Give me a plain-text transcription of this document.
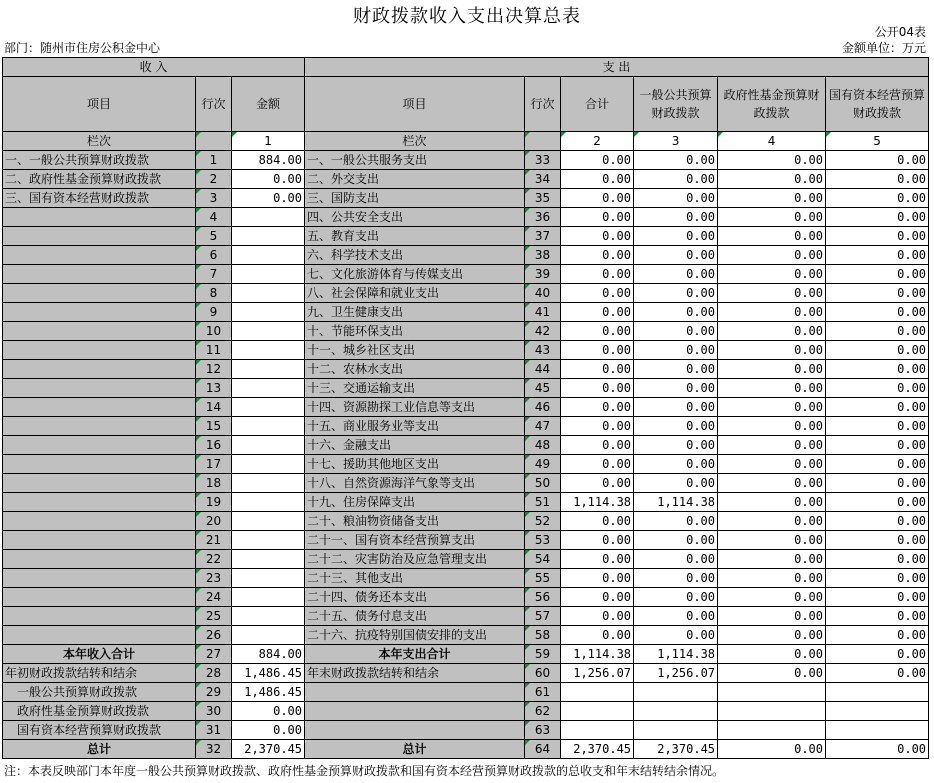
财政拨款收入支出决算总表
公开04表
部门：随州市住房公积金中心	金额单位：万元
收 入			支 出					
项目	行次	金额	项目	行次	合计	一般公共预算财政拨款	政府性基金预算财政拨款	国有资本经营预算财政拨款
栏次		1	栏次		2	3	4	5
一、一般公共预算财政拨款	1	884.00	一、一般公共服务支出	33	0.00	0.00	0.00	0.00
二、政府性基金预算财政拨款	2	0.00	二、外交支出	34	0.00	0.00	0.00	0.00
三、国有资本经营财政拨款	3	0.00	三、国防支出	35	0.00	0.00	0.00	0.00
	4		四、公共安全支出	36	0.00	0.00	0.00	0.00
	5		五、教育支出	37	0.00	0.00	0.00	0.00
	6		六、科学技术支出	38	0.00	0.00	0.00	0.00
	7		七、文化旅游体育与传媒支出	39	0.00	0.00	0.00	0.00
	8		八、社会保障和就业支出	40	0.00	0.00	0.00	0.00
	9		九、卫生健康支出	41	0.00	0.00	0.00	0.00
	10		十、节能环保支出	42	0.00	0.00	0.00	0.00
	11		十一、城乡社区支出	43	0.00	0.00	0.00	0.00
	12		十二、农林水支出	44	0.00	0.00	0.00	0.00
	13		十三、交通运输支出	45	0.00	0.00	0.00	0.00
	14		十四、资源勘探工业信息等支出	46	0.00	0.00	0.00	0.00
	15		十五、商业服务业等支出	47	0.00	0.00	0.00	0.00
	16		十六、金融支出	48	0.00	0.00	0.00	0.00
	17		十七、援助其他地区支出	49	0.00	0.00	0.00	0.00
	18		十八、自然资源海洋气象等支出	50	0.00	0.00	0.00	0.00
	19		十九、住房保障支出	51	1,114.38	1,114.38	0.00	0.00
	20		二十、粮油物资储备支出	52	0.00	0.00	0.00	0.00
	21		二十一、国有资本经营预算支出	53	0.00	0.00	0.00	0.00
	22		二十二、灾害防治及应急管理支出	54	0.00	0.00	0.00	0.00
	23		二十三、其他支出	55	0.00	0.00	0.00	0.00
	24		二十四、债务还本支出	56	0.00	0.00	0.00	0.00
	25		二十五、债务付息支出	57	0.00	0.00	0.00	0.00
	26		二十六、抗疫特别国债安排的支出	58	0.00	0.00	0.00	0.00
本年收入合计	27	884.00	本年支出合计	59	1,114.38	1,114.38	0.00	0.00
年初财政拨款结转和结余	28	1,486.45	年末财政拨款结转和结余	60	1,256.07	1,256.07	0.00	0.00
一般公共预算财政拨款	29	1,486.45		61				
政府性基金预算财政拨款	30	0.00		62				
国有资本经营预算财政拨款	31	0.00		63				
总计	32	2,370.45	总计	64	2,370.45	2,370.45	0.00	0.00
注：本表反映部门本年度一般公共预算财政拨款、政府性基金预算财政拨款和国有资本经营预算财政拨款的总收支和年末结转结余情况。
